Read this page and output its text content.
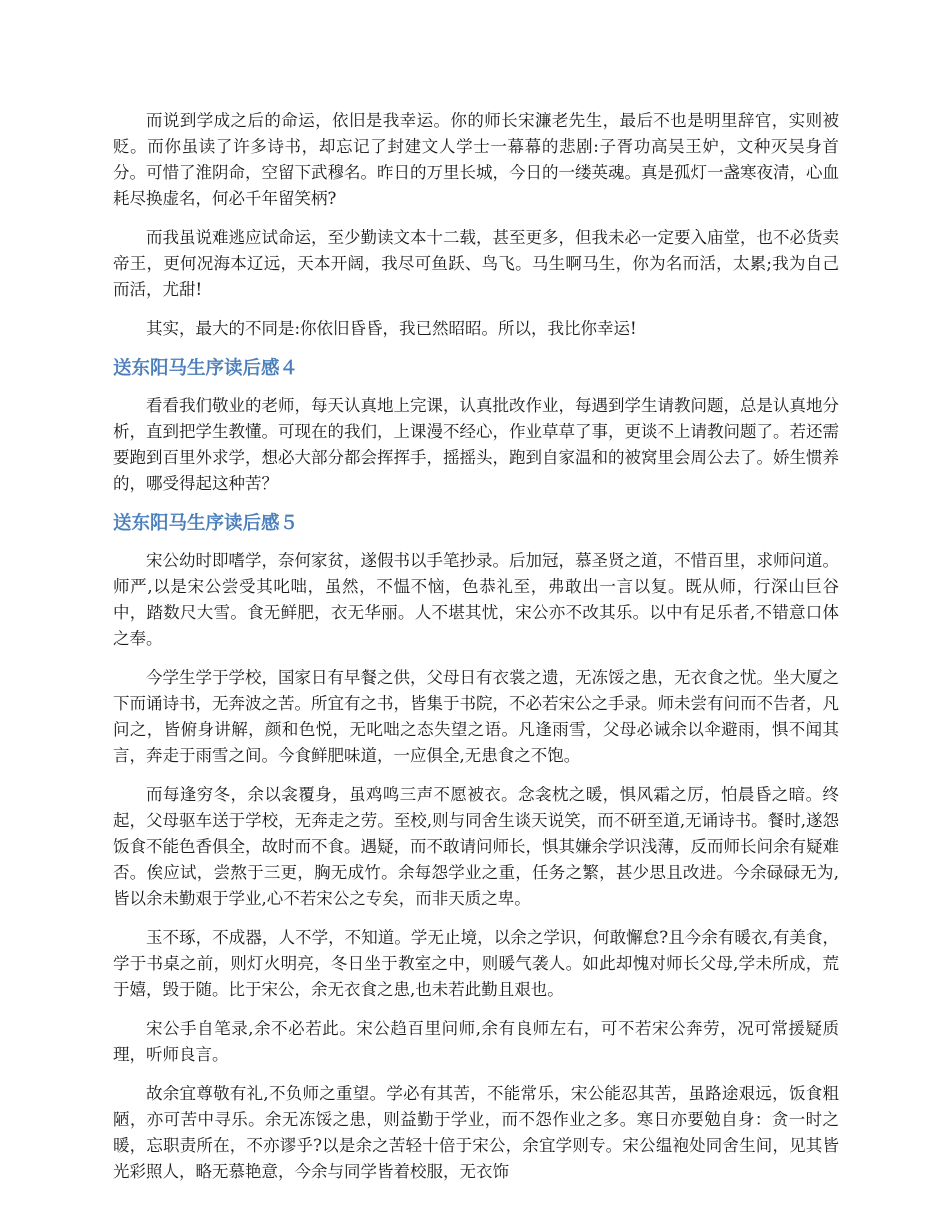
而说到学成之后的命运，依旧是我幸运。你的师长宋濂老先生，最后不也是明里辞官，实则被贬。而你虽读了许多诗书，却忘记了封建文人学士一幕幕的悲剧:子胥功高吴王妒，文种灭吴身首分。可惜了淮阴命，空留下武穆名。昨日的万里长城，今日的一缕英魂。真是孤灯一盏寒夜清，心血耗尽换虚名，何必千年留笑柄?

而我虽说难逃应试命运，至少勤读文本十二载，甚至更多，但我未必一定要入庙堂，也不必货卖帝王，更何况海本辽远，天本开阔，我尽可鱼跃、鸟飞。马生啊马生，你为名而活，太累;我为自己而活，尤甜!

其实，最大的不同是:你依旧昏昏，我已然昭昭。所以，我比你幸运!

送东阳马生序读后感４

看看我们敬业的老师，每天认真地上完课，认真批改作业，每遇到学生请教问题，总是认真地分析，直到把学生教懂。可现在的我们，上课漫不经心，作业草草了事，更谈不上请教问题了。若还需要跑到百里外求学，想必大部分都会挥挥手，摇摇头，跑到自家温和的被窝里会周公去了。娇生惯养的，哪受得起这种苦？

送东阳马生序读后感５

宋公幼时即嗜学，奈何家贫，遂假书以手笔抄录。后加冠，慕圣贤之道，不惜百里，求师问道。师严,以是宋公尝受其叱咄，虽然，不愠不恼，色恭礼至，弗敢出一言以复。既从师，行深山巨谷中，踏数尺大雪。食无鲜肥，衣无华丽。人不堪其忧，宋公亦不改其乐。以中有足乐者,不错意口体之奉。

今学生学于学校，国家日有早餐之供，父母日有衣裳之遗，无冻馁之患，无衣食之忧。坐大厦之下而诵诗书，无奔波之苦。所宜有之书，皆集于书院，不必若宋公之手录。师未尝有问而不告者，凡问之，皆俯身讲解，颜和色悦，无叱咄之态失望之语。凡逢雨雪，父母必诫余以伞避雨，惧不闻其言，奔走于雨雪之间。今食鲜肥味道，一应俱全,无患食之不饱。

而每逢穷冬，余以衾覆身，虽鸡鸣三声不愿被衣。念衾枕之暖，惧风霜之厉，怕晨昏之暗。终起，父母驱车送于学校，无奔走之劳。至校,则与同舍生谈天说笑，而不研至道,无诵诗书。餐时,遂怨饭食不能色香俱全，故时而不食。遇疑，而不敢请问师长，惧其嫌余学识浅薄，反而师长问余有疑难否。俟应试，尝熬于三更，胸无成竹。余每怨学业之重，任务之繁，甚少思且改进。今余碌碌无为,皆以余未勤艰于学业,心不若宋公之专矣，而非天质之卑。

玉不琢，不成器，人不学，不知道。学无止境，以余之学识，何敢懈怠?且今余有暖衣,有美食，学于书桌之前，则灯火明亮，冬日坐于教室之中，则暖气袭人。如此却愧对师长父母,学未所成，荒于嬉，毁于随。比于宋公，余无衣食之患,也未若此勤且艰也。

宋公手自笔录,余不必若此。宋公趋百里问师,余有良师左右，可不若宋公奔劳，况可常援疑质理，听师良言。

故余宜尊敬有礼,不负师之重望。学必有其苦，不能常乐，宋公能忍其苦，虽路途艰远，饭食粗陋，亦可苦中寻乐。余无冻馁之患，则益勤于学业，而不怨作业之多。寒日亦要勉自身：贪一时之暖，忘职责所在，不亦谬乎?以是余之苦轻十倍于宋公，余宜学则专。宋公缊袍处同舍生间，见其皆光彩照人，略无慕艳意，今余与同学皆着校服，无衣饰
